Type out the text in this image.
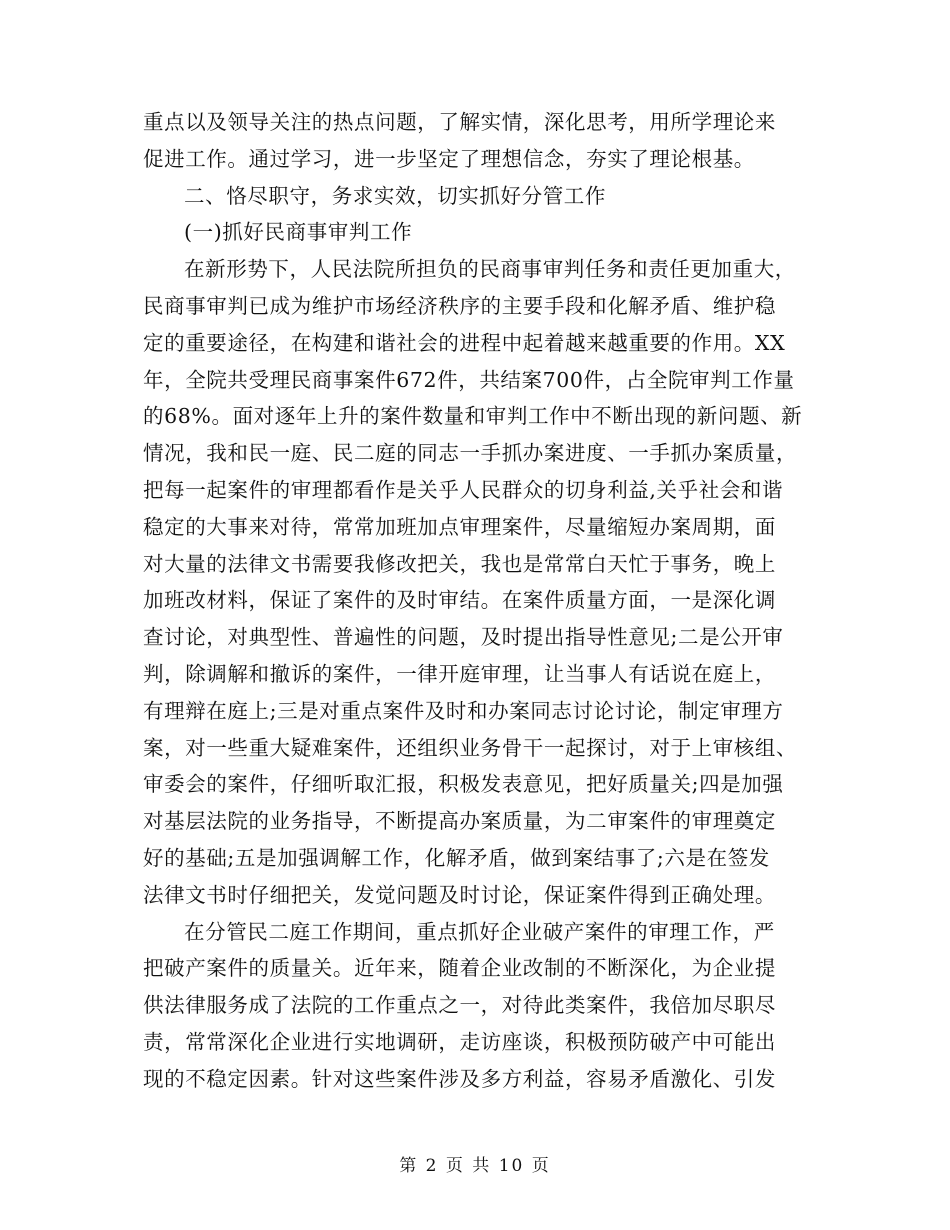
重点以及领导关注的热点问题，了解实情，深化思考，用所学理论来
促进工作。通过学习，进一步坚定了理想信念，夯实了理论根基。
二、恪尽职守，务求实效，切实抓好分管工作
(一)抓好民商事审判工作
在新形势下，人民法院所担负的民商事审判任务和责任更加重大，
民商事审判已成为维护市场经济秩序的主要手段和化解矛盾、维护稳
定的重要途径，在构建和谐社会的进程中起着越来越重要的作用。XX
年，全院共受理民商事案件672件，共结案700件，占全院审判工作量
的68%。面对逐年上升的案件数量和审判工作中不断出现的新问题、新
情况，我和民一庭、民二庭的同志一手抓办案进度、一手抓办案质量，
把每一起案件的审理都看作是关乎人民群众的切身利益,关乎社会和谐
稳定的大事来对待，常常加班加点审理案件，尽量缩短办案周期，面
对大量的法律文书需要我修改把关，我也是常常白天忙于事务，晚上
加班改材料，保证了案件的及时审结。在案件质量方面，一是深化调
查讨论，对典型性、普遍性的问题，及时提出指导性意见;二是公开审
判，除调解和撤诉的案件，一律开庭审理，让当事人有话说在庭上，
有理辩在庭上;三是对重点案件及时和办案同志讨论讨论，制定审理方
案，对一些重大疑难案件，还组织业务骨干一起探讨，对于上审核组、
审委会的案件，仔细听取汇报，积极发表意见，把好质量关;四是加强
对基层法院的业务指导，不断提高办案质量，为二审案件的审理奠定
好的基础;五是加强调解工作，化解矛盾，做到案结事了;六是在签发
法律文书时仔细把关，发觉问题及时讨论，保证案件得到正确处理。
在分管民二庭工作期间，重点抓好企业破产案件的审理工作，严
把破产案件的质量关。近年来，随着企业改制的不断深化，为企业提
供法律服务成了法院的工作重点之一，对待此类案件，我倍加尽职尽
责，常常深化企业进行实地调研，走访座谈，积极预防破产中可能出
现的不稳定因素。针对这些案件涉及多方利益，容易矛盾激化、引发
第 2 页 共 10 页
